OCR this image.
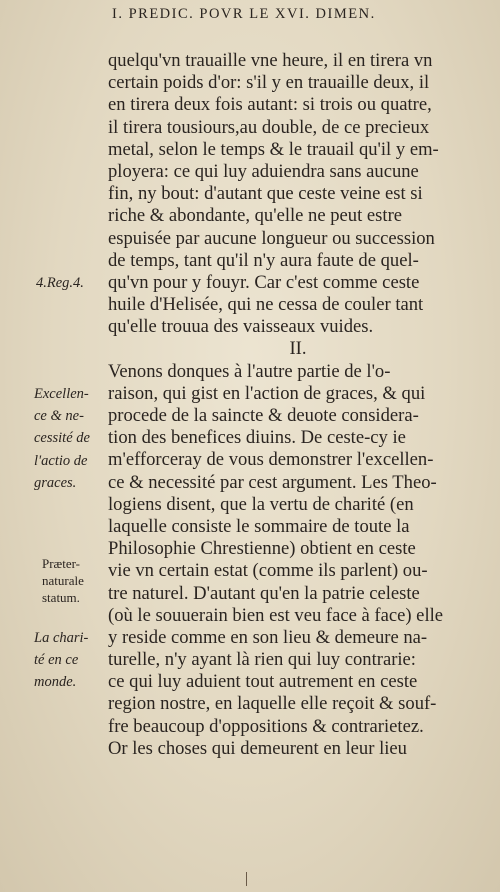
I. PREDIC. POVR LE XVI. DIMEN.
quelqu'vn trauaille vne heure, il en tirera vn
certain poids d'or: s'il y en trauaille deux, il
en tirera deux fois autant: si trois ou quatre,
il tirera tousiours,au double, de ce precieux
metal, selon le temps & le trauail qu'il y em-
ployera: ce qui luy aduiendra sans aucune
fin, ny bout: d'autant que ceste veine est si
riche & abondante, qu'elle ne peut estre
espuisée par aucune longueur ou succession
de temps, tant qu'il n'y aura faute de quel-
qu'vn pour y fouyr. Car c'est comme ceste
huile d'Helisée, qui ne cessa de couler tant
qu'elle trouua des vaisseaux vuides.
II.
Venons donques à l'autre partie de l'o-
raison, qui gist en l'action de graces, & qui
procede de la saincte & deuote considera-
tion des benefices diuins. De ceste-cy ie
m'efforceray de vous demonstrer l'excellen-
ce & necessité par cest argument. Les Theo-
logiens disent, que la vertu de charité (en
laquelle consiste le sommaire de toute la
Philosophie Chrestienne) obtient en ceste
vie vn certain estat (comme ils parlent) ou-
tre naturel. D'autant qu'en la patrie celeste
(où le souuerain bien est veu face à face) elle
y reside comme en son lieu & demeure na-
turelle, n'y ayant là rien qui luy contrarie:
ce qui luy aduient tout autrement en ceste
region nostre, en laquelle elle reçoit & souf-
fre beaucoup d'oppositions & contrarietez.
Or les choses qui demeurent en leur lieu
4.Reg.4.
Excellen-
ce & ne-
cessité de
l'actio de
graces.
Præter-
naturale
statum.
La chari-
té en ce
monde.
